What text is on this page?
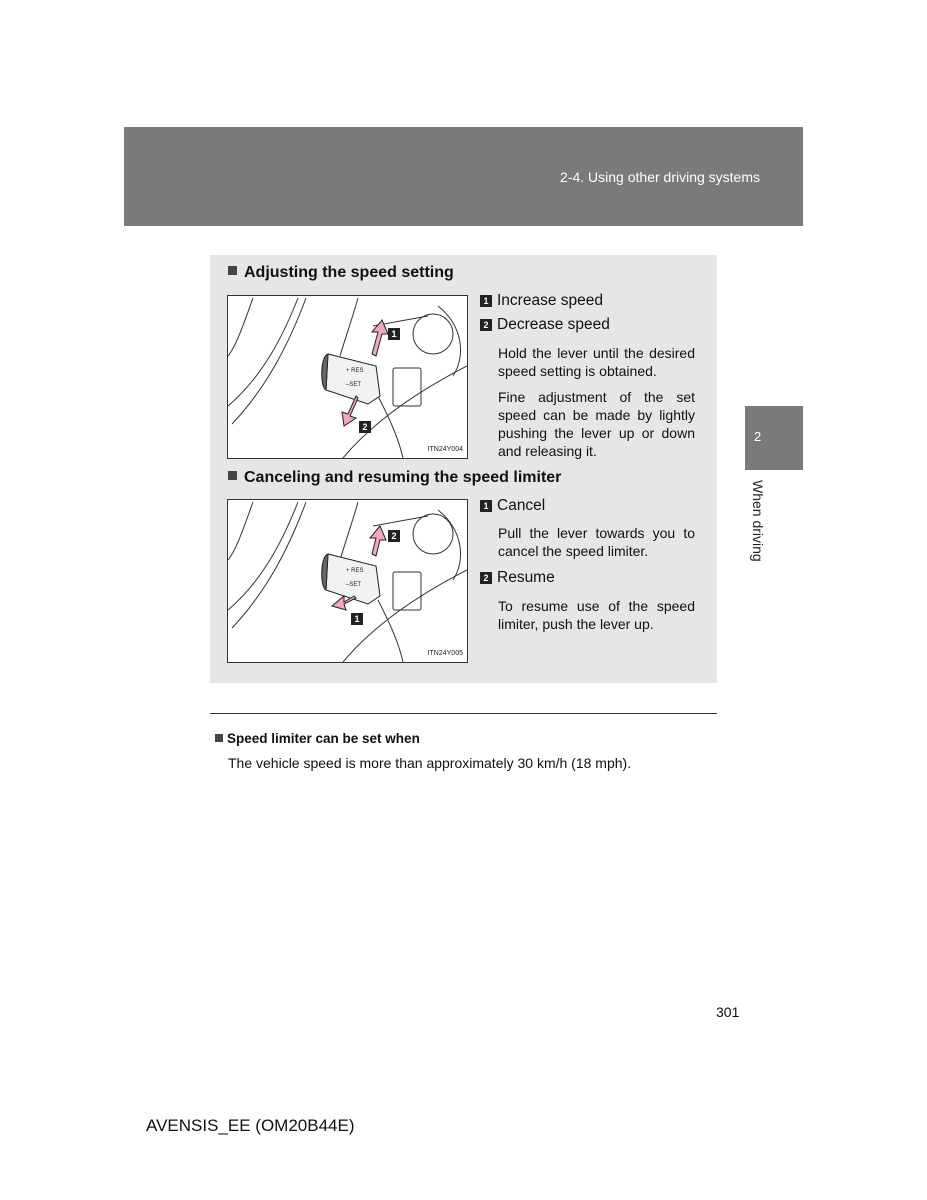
2-4. Using other driving systems
2
When driving
Adjusting the speed setting
+ RES
–SET
1
2
ITN24Y004
1 Increase speed
2 Decrease speed
Hold the lever until the desired speed setting is obtained.
Fine adjustment of the set speed can be made by lightly pushing the lever up or down and releasing it.
Canceling and resuming the speed limiter
+ RES
–SET
2
1
ITN24Y005
1 Cancel
Pull the lever towards you to cancel the speed limiter.
2 Resume
To resume use of the speed limiter, push the lever up.
Speed limiter can be set when
The vehicle speed is more than approximately 30 km/h (18 mph).
301
AVENSIS_EE (OM20B44E)
